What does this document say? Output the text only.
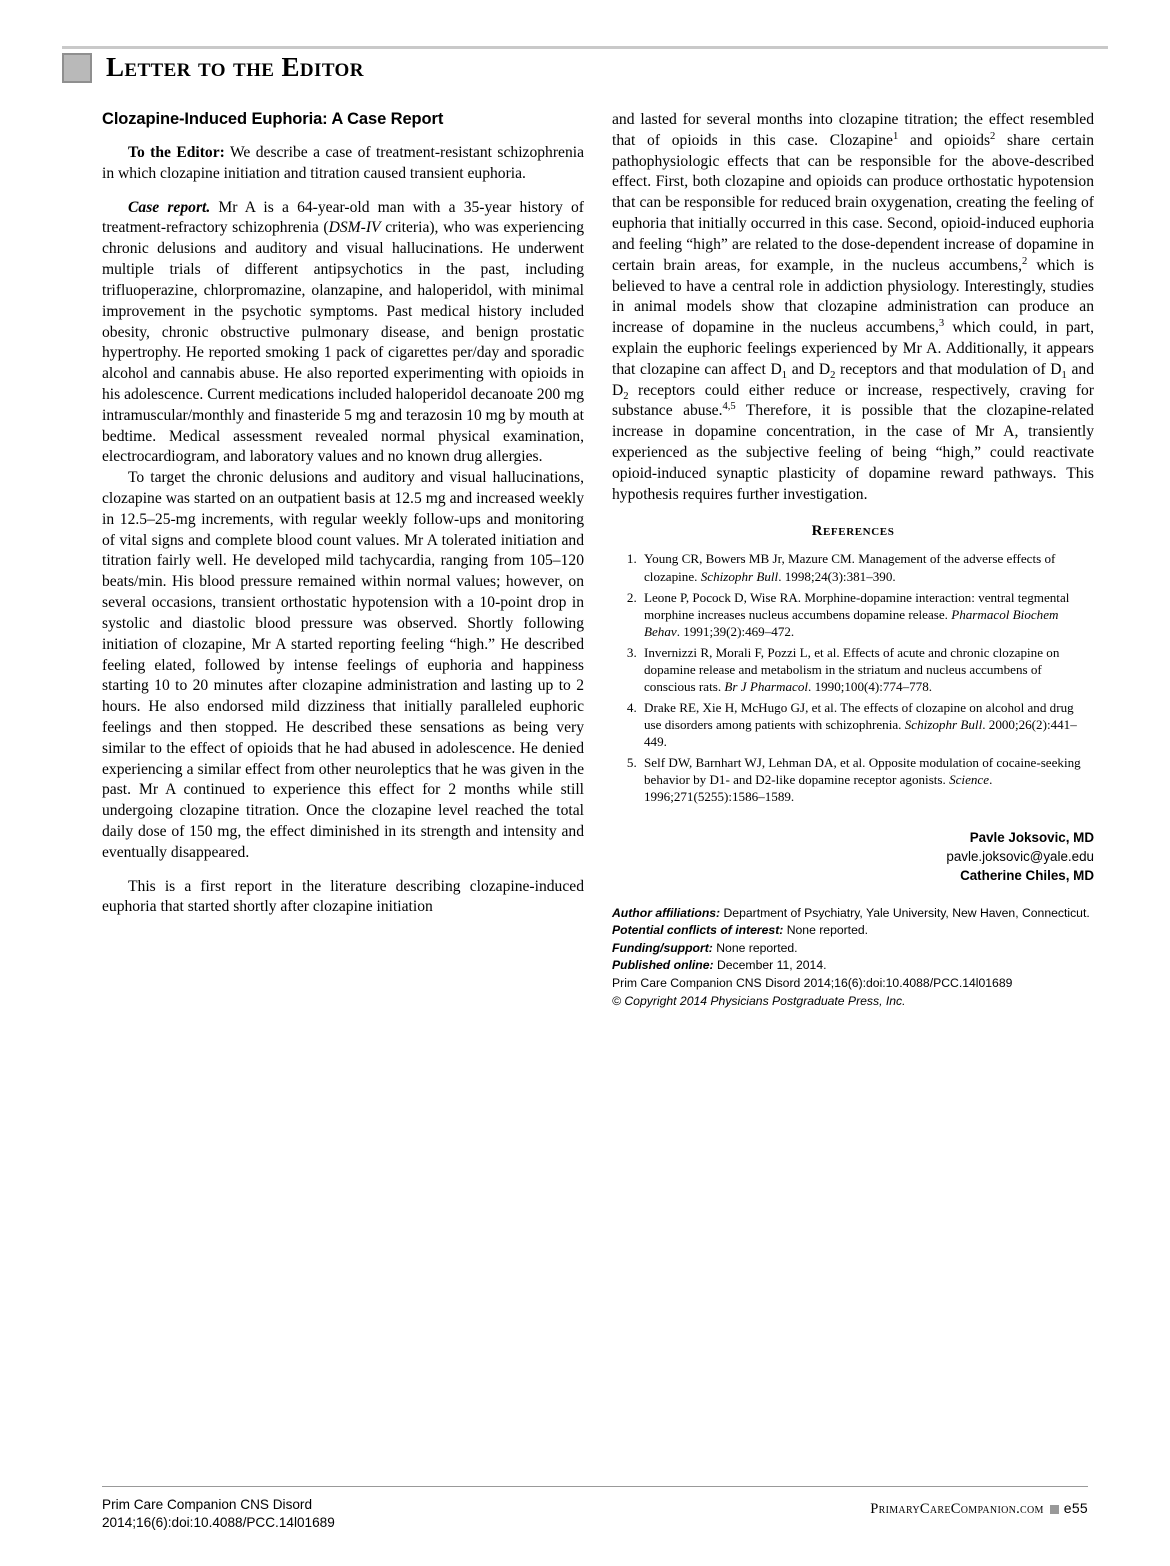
Letter to the Editor
Clozapine-Induced Euphoria: A Case Report

To the Editor: We describe a case of treatment-resistant schizophrenia in which clozapine initiation and titration caused transient euphoria.

Case report. Mr A is a 64-year-old man with a 35-year history of treatment-refractory schizophrenia (DSM-IV criteria), who was experiencing chronic delusions and auditory and visual hallucinations. He underwent multiple trials of different antipsychotics in the past, including trifluoperazine, chlorpromazine, olanzapine, and haloperidol, with minimal improvement in the psychotic symptoms. Past medical history included obesity, chronic obstructive pulmonary disease, and benign prostatic hypertrophy. He reported smoking 1 pack of cigarettes per/day and sporadic alcohol and cannabis abuse. He also reported experimenting with opioids in his adolescence. Current medications included haloperidol decanoate 200 mg intramuscular/monthly and finasteride 5 mg and terazosin 10 mg by mouth at bedtime. Medical assessment revealed normal physical examination, electrocardiogram, and laboratory values and no known drug allergies.

To target the chronic delusions and auditory and visual hallucinations, clozapine was started on an outpatient basis at 12.5 mg and increased weekly in 12.5–25-mg increments, with regular weekly follow-ups and monitoring of vital signs and complete blood count values. Mr A tolerated initiation and titration fairly well. He developed mild tachycardia, ranging from 105–120 beats/min. His blood pressure remained within normal values; however, on several occasions, transient orthostatic hypotension with a 10-point drop in systolic and diastolic blood pressure was observed. Shortly following initiation of clozapine, Mr A started reporting feeling “high.” He described feeling elated, followed by intense feelings of euphoria and happiness starting 10 to 20 minutes after clozapine administration and lasting up to 2 hours. He also endorsed mild dizziness that initially paralleled euphoric feelings and then stopped. He described these sensations as being very similar to the effect of opioids that he had abused in adolescence. He denied experiencing a similar effect from other neuroleptics that he was given in the past. Mr A continued to experience this effect for 2 months while still undergoing clozapine titration. Once the clozapine level reached the total daily dose of 150 mg, the effect diminished in its strength and intensity and eventually disappeared.

This is a first report in the literature describing clozapine-induced euphoria that started shortly after clozapine initiation

and lasted for several months into clozapine titration; the effect resembled that of opioids in this case. Clozapine$^1$ and opioids$^2$ share certain pathophysiologic effects that can be responsible for the above-described effect. First, both clozapine and opioids can produce orthostatic hypotension that can be responsible for reduced brain oxygenation, creating the feeling of euphoria that initially occurred in this case. Second, opioid-induced euphoria and feeling “high” are related to the dose-dependent increase of dopamine in certain brain areas, for example, in the nucleus accumbens,$^2$ which is believed to have a central role in addiction physiology. Interestingly, studies in animal models show that clozapine administration can produce an increase of dopamine in the nucleus accumbens,$^3$ which could, in part, explain the euphoric feelings experienced by Mr A. Additionally, it appears that clozapine can affect $D_1$ and $D_2$ receptors and that modulation of $D_1$ and $D_2$ receptors could either reduce or increase, respectively, craving for substance abuse.$^{4,5}$ Therefore, it is possible that the clozapine-related increase in dopamine concentration, in the case of Mr A, transiently experienced as the subjective feeling of being “high,” could reactivate opioid-induced synaptic plasticity of dopamine reward pathways. This hypothesis requires further investigation.

References
1. Young CR, Bowers MB Jr, Mazure CM. Management of the adverse effects of clozapine. Schizophr Bull. 1998;24(3):381–390.
2. Leone P, Pocock D, Wise RA. Morphine-dopamine interaction: ventral tegmental morphine increases nucleus accumbens dopamine release. Pharmacol Biochem Behav. 1991;39(2):469–472.
3. Invernizzi R, Morali F, Pozzi L, et al. Effects of acute and chronic clozapine on dopamine release and metabolism in the striatum and nucleus accumbens of conscious rats. Br J Pharmacol. 1990;100(4):774–778.
4. Drake RE, Xie H, McHugo GJ, et al. The effects of clozapine on alcohol and drug use disorders among patients with schizophrenia. Schizophr Bull. 2000;26(2):441–449.
5. Self DW, Barnhart WJ, Lehman DA, et al. Opposite modulation of cocaine-seeking behavior by D1- and D2-like dopamine receptor agonists. Science. 1996;271(5255):1586–1589.
Pavle Joksovic, MD
pavle.joksovic@yale.edu
Catherine Chiles, MD
Author affiliations: Department of Psychiatry, Yale University, New Haven, Connecticut.
Potential conflicts of interest: None reported.
Funding/support: None reported.
Published online: December 11, 2014.
Prim Care Companion CNS Disord 2014;16(6):doi:10.4088/PCC.14l01689
© Copyright 2014 Physicians Postgraduate Press, Inc.
Prim Care Companion CNS Disord
2014;16(6):doi:10.4088/PCC.14l01689
PrimaryCareCompanion.com e55
